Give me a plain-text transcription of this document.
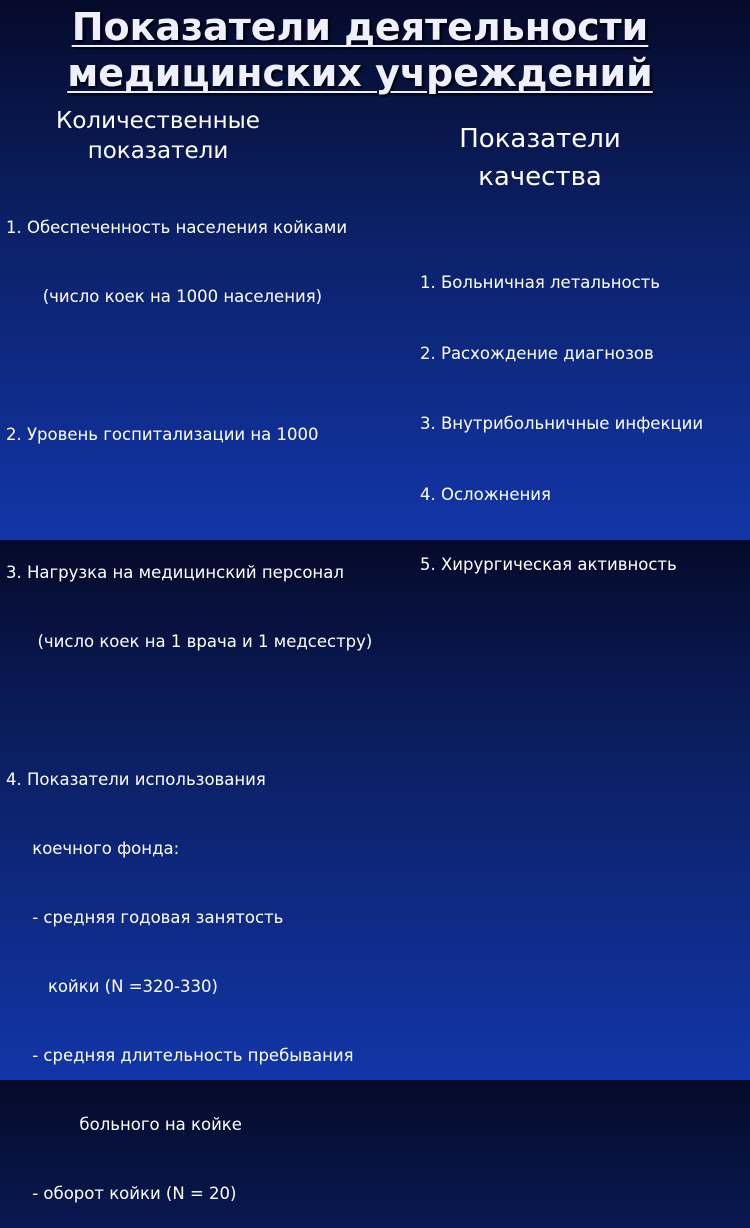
Показатели деятельности
медицинских учреждений
Количественные
показатели	Показатели
качества

1. Обеспеченность населения койками

(число коек на 1000 населения)

2. Уровень госпитализации на 1000

3. Нагрузка на медицинский персонал

(число коек на 1 врача и 1 медсестру)

4. Показатели использования

коечного фонда:

- средняя годовая занятость

койки (N =320-330)

- средняя длительность пребывания

больного на койке

- оборот койки (N = 20)

1. Больничная летальность

2. Расхождение диагнозов

3. Внутрибольничные инфекции

4. Осложнения

5. Хирургическая активность
